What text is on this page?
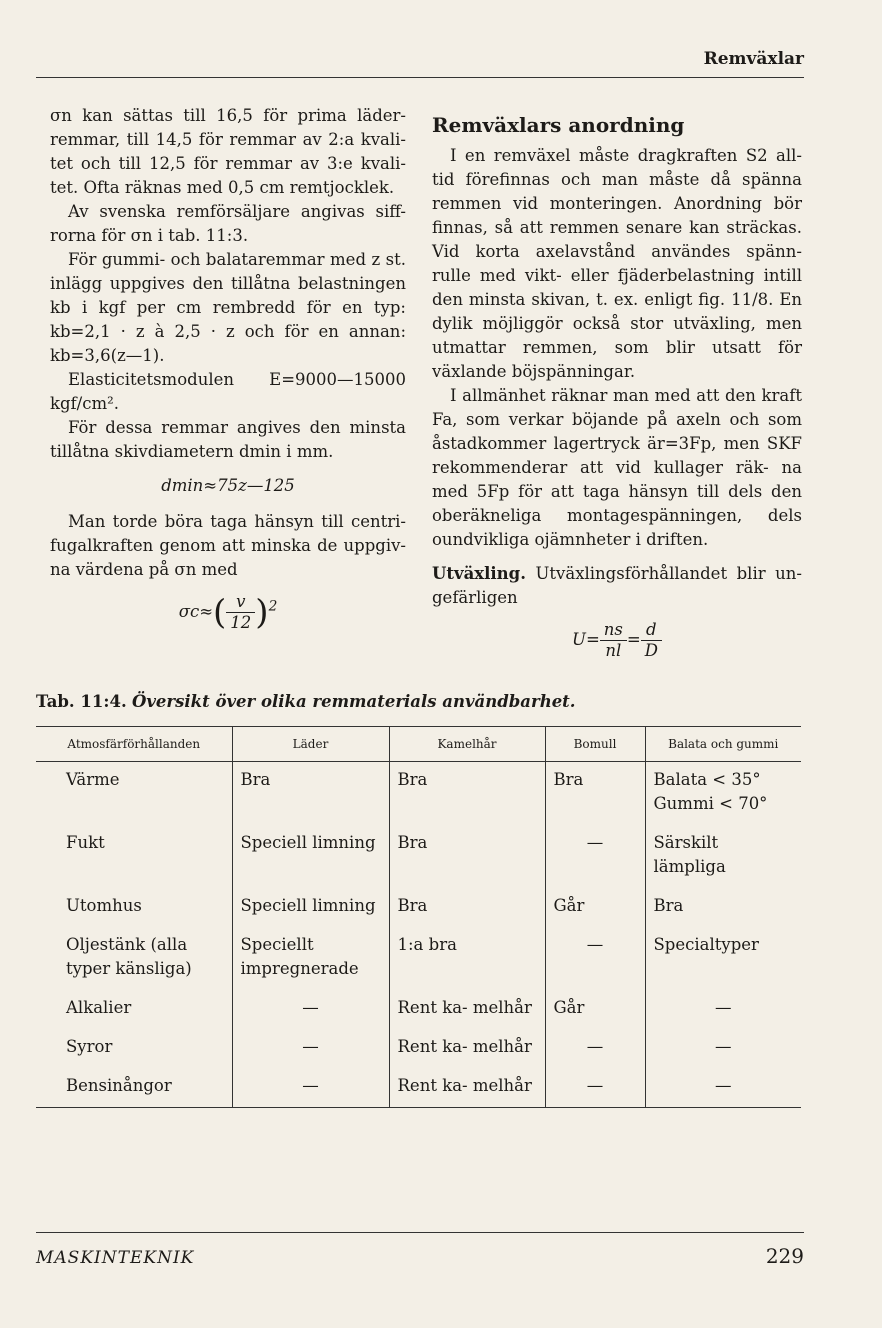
Remväxlar

σn kan sättas till 16,5 för prima läder- remmar, till 14,5 för remmar av 2:a kvali- tet och till 12,5 för remmar av 3:e kvali- tet. Ofta räknas med 0,5 cm remtjocklek.

Av svenska remförsäljare angivas siff- rorna för σn i tab. 11:3.

För gummi- och balataremmar med z st. inlägg uppgives den tillåtna belastningen kb i kgf per cm rembredd för en typ: kb=2,1 · z à 2,5 · z och för en annan: kb=3,6(z—1).

Elasticitetsmodulen E=9000—15000 kgf/cm².

För dessa remmar angives den minsta tillåtna skivdiametern dmin i mm.

dmin≈75z—125

Man torde böra taga hänsyn till centri- fugalkraften genom att minska de uppgiv- na värdena på σn med

$\sigma c\approx( \frac{v}{12} )^2$
Remväxlars anordning

I en remväxel måste dragkraften S2 all- tid förefinnas och man måste då spänna remmen vid monteringen. Anordning bör finnas, så att remmen senare kan sträckas. Vid korta axelavstånd användes spänn- rulle med vikt- eller fjäderbelastning intill den minsta skivan, t. ex. enligt fig. 11/8. En dylik möjliggör också stor utväxling, men utmattar remmen, som blir utsatt för växlande böjspänningar.

I allmänhet räknar man med att den kraft Fa, som verkar böjande på axeln och som åstadkommer lagertryck är=3Fp, men SKF rekommenderar att vid kullager räk- na med 5Fp för att taga hänsyn till dels den oberäkneliga montagespänningen, dels oundvikliga ojämnheter i driften.

Utväxling. Utväxlingsförhållandet blir un- gefärligen

$U= \frac{ns}{nl} = \frac{d}{D}$
Tab. 11:4. Översikt över olika remmaterials användbarhet.
Atmosfärförhållanden	Läder	Kamelhår	Bomull	Balata och gummi
Värme	Bra	Bra	Bra	Balata < 35° Gummi < 70°
Fukt	Speciell limning	Bra	—	Särskilt lämpliga
Utomhus	Speciell limning	Bra	Går	Bra
Oljestänk (alla typer känsliga)	Speciellt impregnerade	1:a bra	—	Specialtyper
Alkalier	—	Rent ka- melhår	Går	—
Syror	—	Rent ka- melhår	—	—
Bensinångor	—	Rent ka- melhår	—	—
MASKINTEKNIK	229
